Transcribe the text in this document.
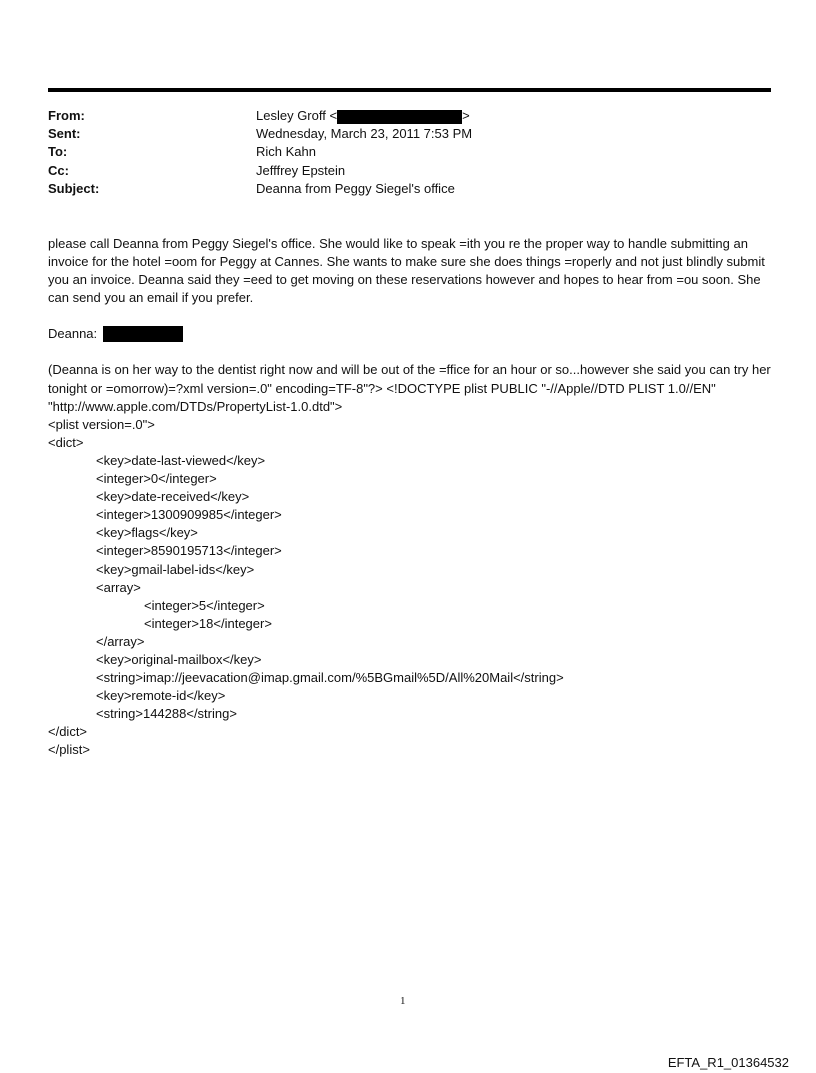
From:	Lesley Groff <	>
Sent:	Wednesday, March 23, 2011 7:53 PM
To:	Rich Kahn
Cc:	Jefffrey Epstein
Subject:	Deanna from Peggy Siegel's office

please call Deanna from Peggy Siegel's office. She would like to speak =ith you re the proper way to handle submitting an invoice for the hotel =oom for Peggy at Cannes. She wants to make sure she does things =roperly and not just blindly submit you an invoice. Deanna said they =eed to get moving on these reservations however and hopes to hear from =ou soon. She can send you an email if you prefer.

Deanna:

(Deanna is on her way to the dentist right now and will be out of the =ffice for an hour or so...however she said you can try her tonight or =omorrow)=?xml version=.0" encoding=TF-8"?> <!DOCTYPE plist PUBLIC "-//Apple//DTD PLIST 1.0//EN" "http://www.apple.com/DTDs/PropertyList-1.0.dtd">

<plist version=.0">
<dict>
<key>date-last-viewed</key>
<integer>0</integer>
<key>date-received</key>
<integer>1300909985</integer>
<key>flags</key>
<integer>8590195713</integer>
<key>gmail-label-ids</key>
<array>
<integer>5</integer>
<integer>18</integer>
</array>
<key>original-mailbox</key>
<string>imap://jeevacation@imap.gmail.com/%5BGmail%5D/All%20Mail</string>
<key>remote-id</key>
<string>144288</string>
</dict>
</plist>
1
EFTA_R1_01364532
